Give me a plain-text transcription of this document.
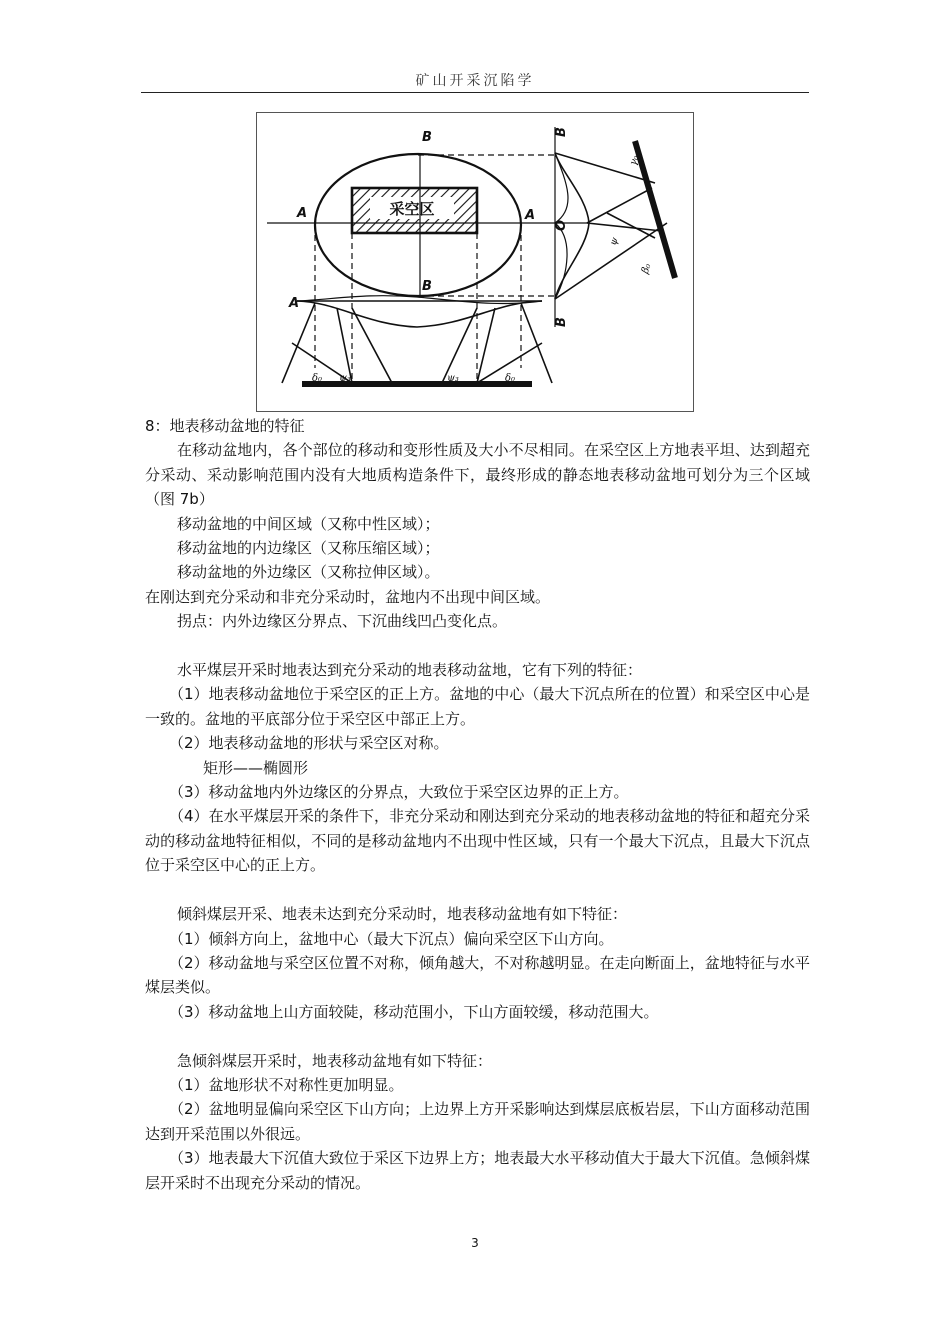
矿山开采沉陷学
采空区
B
A	A
B
A
B
B
O
γ₀
ψ
β₀
δ₀ ψ₃	ψ₃	δ₀

8：地表移动盆地的特征

在移动盆地内，各个部位的移动和变形性质及大小不尽相同。在采空区上方地表平坦、达到超充分采动、采动影响范围内没有大地质构造条件下，最终形成的静态地表移动盆地可划分为三个区域（图 7b）

移动盆地的中间区域（又称中性区域）；

移动盆地的内边缘区（又称压缩区域）；

移动盆地的外边缘区（又称拉伸区域）。

在刚达到充分采动和非充分采动时，盆地内不出现中间区域。

拐点：内外边缘区分界点、下沉曲线凹凸变化点。

水平煤层开采时地表达到充分采动的地表移动盆地，它有下列的特征：

（1）地表移动盆地位于采空区的正上方。盆地的中心（最大下沉点所在的位置）和采空区中心是一致的。盆地的平底部分位于采空区中部正上方。

（2）地表移动盆地的形状与采空区对称。

矩形——椭圆形

（3）移动盆地内外边缘区的分界点，大致位于采空区边界的正上方。

（4）在水平煤层开采的条件下，非充分采动和刚达到充分采动的地表移动盆地的特征和超充分采动的移动盆地特征相似，不同的是移动盆地内不出现中性区域，只有一个最大下沉点，且最大下沉点位于采空区中心的正上方。

倾斜煤层开采、地表未达到充分采动时，地表移动盆地有如下特征：

（1）倾斜方向上，盆地中心（最大下沉点）偏向采空区下山方向。

（2）移动盆地与采空区位置不对称，倾角越大，不对称越明显。在走向断面上，盆地特征与水平煤层类似。

（3）移动盆地上山方面较陡，移动范围小，下山方面较缓，移动范围大。

急倾斜煤层开采时，地表移动盆地有如下特征：

（1）盆地形状不对称性更加明显。

（2）盆地明显偏向采空区下山方向；上边界上方开采影响达到煤层底板岩层，下山方面移动范围达到开采范围以外很远。

（3）地表最大下沉值大致位于采区下边界上方；地表最大水平移动值大于最大下沉值。急倾斜煤层开采时不出现充分采动的情况。

3
